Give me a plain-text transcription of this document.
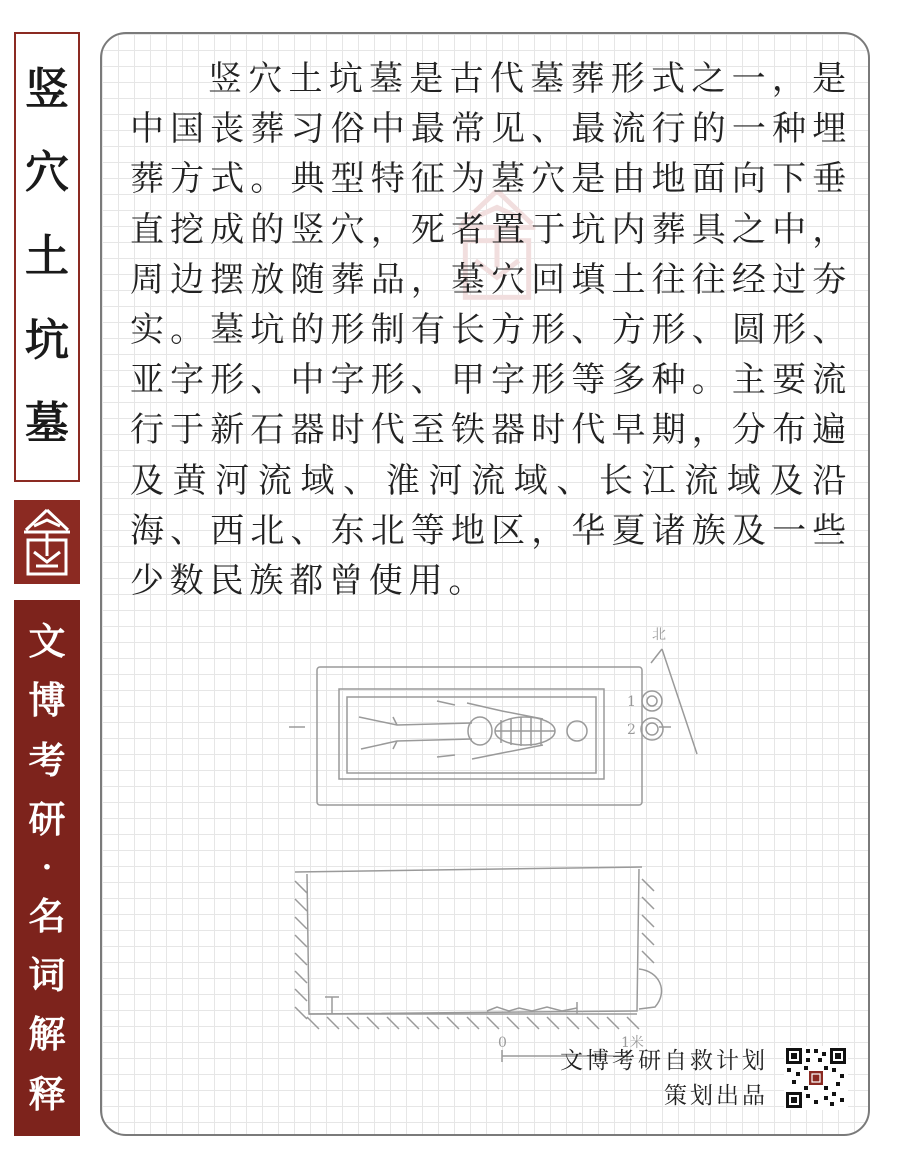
竖
穴
土
坑
墓
文
博
考
研
·
名
词
解
释
竖穴土坑墓是古代墓葬形式之一，是中国丧葬习俗中最常见、最流行的一种埋葬方式。典型特征为墓穴是由地面向下垂直挖成的竖穴，死者置于坑内葬具之中，周边摆放随葬品，墓穴回填土往往经过夯实。墓坑的形制有长方形、方形、圆形、亚字形、中字形、甲字形等多种。主要流行于新石器时代至铁器时代早期，分布遍及黄河流域、淮河流域、长江流域及沿海、西北、东北等地区，华夏诸族及一些少数民族都曾使用。
北
1
2
0	1米
文博考研自救计划
策划出品
